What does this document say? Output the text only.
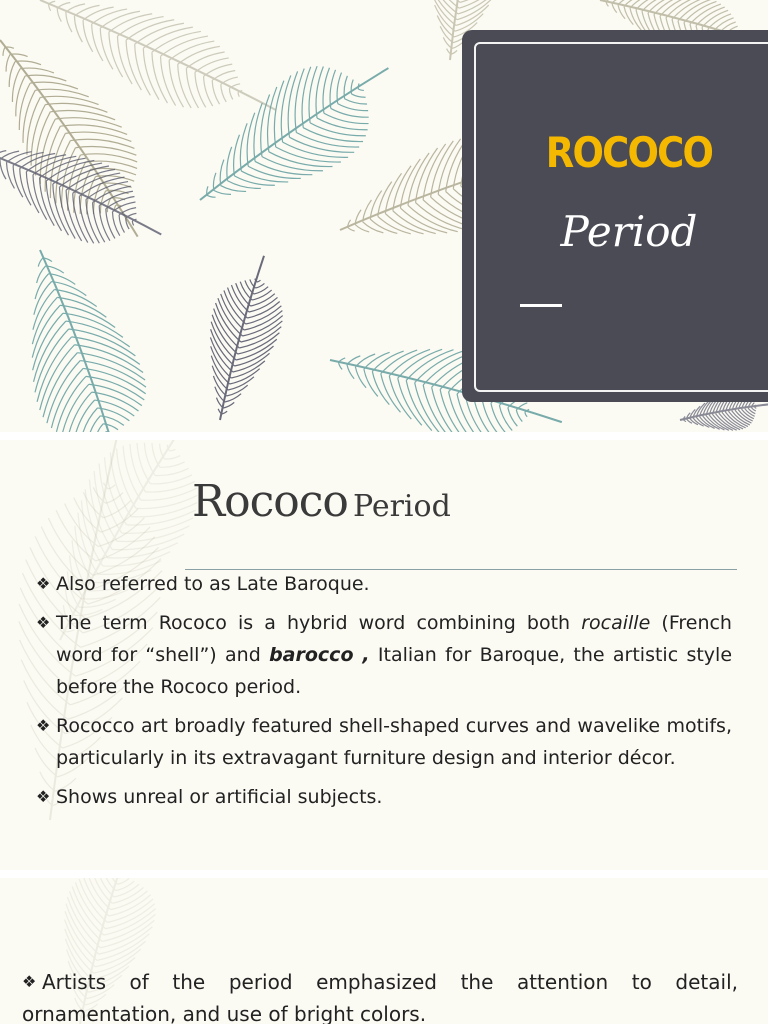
ROCOCO
Period
Rococo Period
❖ Also referred to as Late Baroque.
❖ The term Rococo is a hybrid word combining both rocaille (French word for “shell”) and barocco , Italian for Baroque, the artistic style before the Rococo period.
❖ Rococco art broadly featured shell-shaped curves and wavelike motifs, particularly in its extravagant furniture design and interior décor.
❖ Shows unreal or artificial subjects.
❖ Artists of the period emphasized the attention to detail,
ornamentation, and use of bright colors.
